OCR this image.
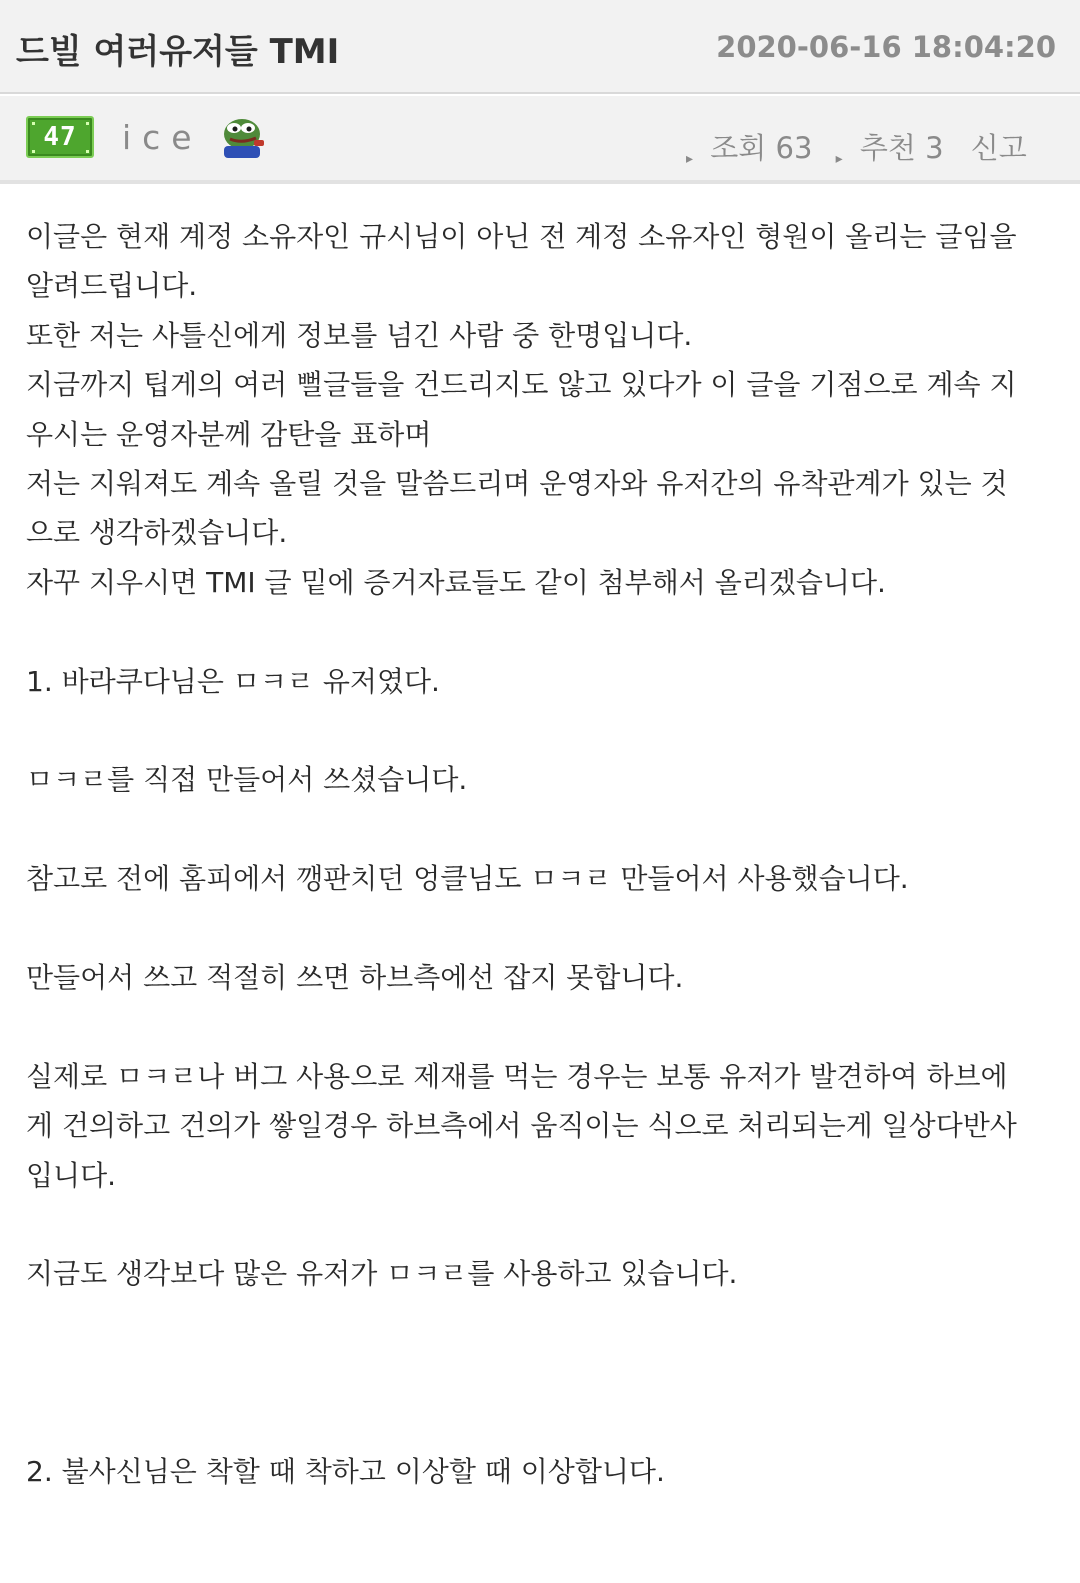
드빌 여러유저들 TMI	2020-06-16 18:04:20
47	ice
▸ 조회 63 ▸ 추천 3 신고

이글은 현재 계정 소유자인 규시님이 아닌 전 계정 소유자인 형원이 올리는 글임을

알려드립니다.

또한 저는 사틀신에게 정보를 넘긴 사람 중 한명입니다.

지금까지 팁게의 여러 뻘글들을 건드리지도 않고 있다가 이 글을 기점으로 계속 지

우시는 운영자분께 감탄을 표하며

저는 지워져도 계속 올릴 것을 말씀드리며 운영자와 유저간의 유착관계가 있는 것

으로 생각하겠습니다.

자꾸 지우시면 TMI 글 밑에 증거자료들도 같이 첨부해서 올리겠습니다.

1. 바라쿠다님은 ㅁㅋㄹ 유저였다.

ㅁㅋㄹ를 직접 만들어서 쓰셨습니다.

참고로 전에 홈피에서 깽판치던 엉클님도 ㅁㅋㄹ 만들어서 사용했습니다.

만들어서 쓰고 적절히 쓰면 하브측에선 잡지 못합니다.

실제로 ㅁㅋㄹ나 버그 사용으로 제재를 먹는 경우는 보통 유저가 발견하여 하브에

게 건의하고 건의가 쌓일경우 하브측에서 움직이는 식으로 처리되는게 일상다반사

입니다.

지금도 생각보다 많은 유저가 ㅁㅋㄹ를 사용하고 있습니다.

2. 불사신님은 착할 때 착하고 이상할 때 이상합니다.
